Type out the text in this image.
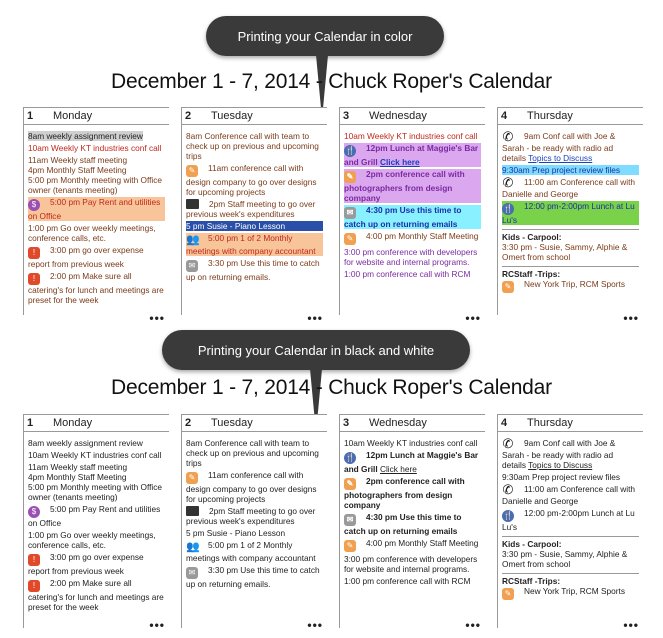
Printing your Calendar in color
December 1 - 7, 2014 - Chuck Roper's Calendar
1	Monday
8am weekly assignment review
10am Weekly KT industries conf call
11am Weekly staff meeting
4pm Monthly Staff Meeting
5:00 pm Monthly meeting with Office owner (tenants meeting)
$ 5:00 pm Pay Rent and utilities on Office
1:00 pm Go over weekly meetings, conference calls, etc.
! 3:00 pm go over expense report from previous week
! 2:00 pm Make sure all catering's for lunch and meetings are preset for the week
•••
2	Tuesday
8am Conference call with team to check up on previous and upcoming trips
✎ 11am conference call with design company to go over designs for upcoming projects
2pm Staff meeting to go over previous week's expenditures
5 pm Susie - Piano Lesson
👥 5:00 pm 1 of 2 Monthly meetings with company accountant
✉ 3:30 pm Use this time to catch up on returning emails.
•••
3	Wednesday
10am Weekly KT industries conf call
🍴 12pm Lunch at Maggie's Bar and Grill Click here
✎ 2pm conference call with photographers from design company
✉ 4:30 pm Use this time to catch up on returning emails
✎ 4:00 pm Monthly Staff Meeting
3:00 pm conference with developers for website and internal programs.
1:00 pm conference call with RCM
•••
4	Thursday
✆ 9am Conf call with Joe & Sarah - be ready with radio ad details Topics to Discuss
9:30am Prep project review files
✆ 11:00 am Conference call with Danielle and George
🍴 12:00 pm-2:00pm Lunch at Lu Lu's
Kids - Carpool:
3:30 pm - Susie, Sammy, Alphie & Omert from school
RCStaff -Trips:
✎ New York Trip, RCM Sports
•••
Printing your Calendar in black and white
December 1 - 7, 2014 - Chuck Roper's Calendar
1	Monday
8am weekly assignment review
10am Weekly KT industries conf call
11am Weekly staff meeting
4pm Monthly Staff Meeting
5:00 pm Monthly meeting with Office owner (tenants meeting)
$ 5:00 pm Pay Rent and utilities on Office
1:00 pm Go over weekly meetings, conference calls, etc.
! 3:00 pm go over expense report from previous week
! 2:00 pm Make sure all catering's for lunch and meetings are preset for the week
•••
2	Tuesday
8am Conference call with team to check up on previous and upcoming trips
✎ 11am conference call with design company to go over designs for upcoming projects
2pm Staff meeting to go over previous week's expenditures
5 pm Susie - Piano Lesson
👥 5:00 pm 1 of 2 Monthly meetings with company accountant
✉ 3:30 pm Use this time to catch up on returning emails.
•••
3	Wednesday
10am Weekly KT industries conf call
🍴 12pm Lunch at Maggie's Bar and Grill Click here
✎ 2pm conference call with photographers from design company
✉ 4:30 pm Use this time to catch up on returning emails
✎ 4:00 pm Monthly Staff Meeting
3:00 pm conference with developers for website and internal programs.
1:00 pm conference call with RCM
•••
4	Thursday
✆ 9am Conf call with Joe & Sarah - be ready with radio ad details Topics to Discuss
9:30am Prep project review files
✆ 11:00 am Conference call with Danielle and George
🍴 12:00 pm-2:00pm Lunch at Lu Lu's
Kids - Carpool:
3:30 pm - Susie, Sammy, Alphie & Omert from school
RCStaff -Trips:
✎ New York Trip, RCM Sports
•••
